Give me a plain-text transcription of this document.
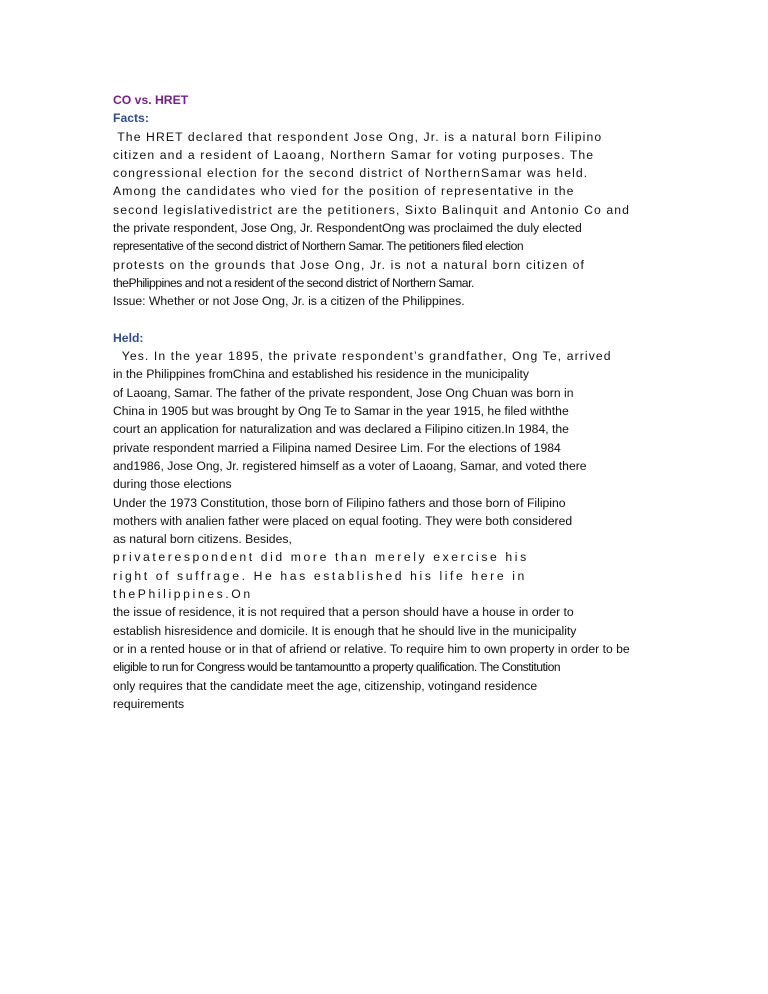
CO vs. HRET

Facts:

The HRET declared that respondent Jose Ong, Jr. is a natural born Filipino

citizen and a resident of Laoang, Northern Samar for voting purposes. The

congressional election for the second district of NorthernSamar was held.

Among the candidates who vied for the position of representative in the

second legislativedistrict are the petitioners, Sixto Balinquit and Antonio Co and

the private respondent, Jose Ong, Jr. RespondentOng was proclaimed the duly elected

representative of the second district of Northern Samar. The petitioners filed election

protests on the grounds that Jose Ong, Jr. is not a natural born citizen of

thePhilippines and not a resident of the second district of Northern Samar.

Issue: Whether or not Jose Ong, Jr. is a citizen of the Philippines.

Held:

Yes. In the year 1895, the private respondent’s grandfather, Ong Te, arrived

in the Philippines fromChina and established his residence in the municipality

of Laoang, Samar. The father of the private respondent, Jose Ong Chuan was born in

China in 1905 but was brought by Ong Te to Samar in the year 1915, he filed withthe

court an application for naturalization and was declared a Filipino citizen.In 1984, the

private respondent married a Filipina named Desiree Lim. For the elections of 1984

and1986, Jose Ong, Jr. registered himself as a voter of Laoang, Samar, and voted there

during those elections

Under the 1973 Constitution, those born of Filipino fathers and those born of Filipino

mothers with analien father were placed on equal footing. They were both considered

as natural born citizens. Besides,

privaterespondent did more than merely exercise his

right of suffrage. He has established his life here in thePhilippines.On

the issue of residence, it is not required that a person should have a house in order to

establish hisresidence and domicile. It is enough that he should live in the municipality

or in a rented house or in that of afriend or relative. To require him to own property in order to be

eligible to run for Congress would be tantamountto a property qualification. The Constitution

only requires that the candidate meet the age, citizenship, votingand residence

requirements
